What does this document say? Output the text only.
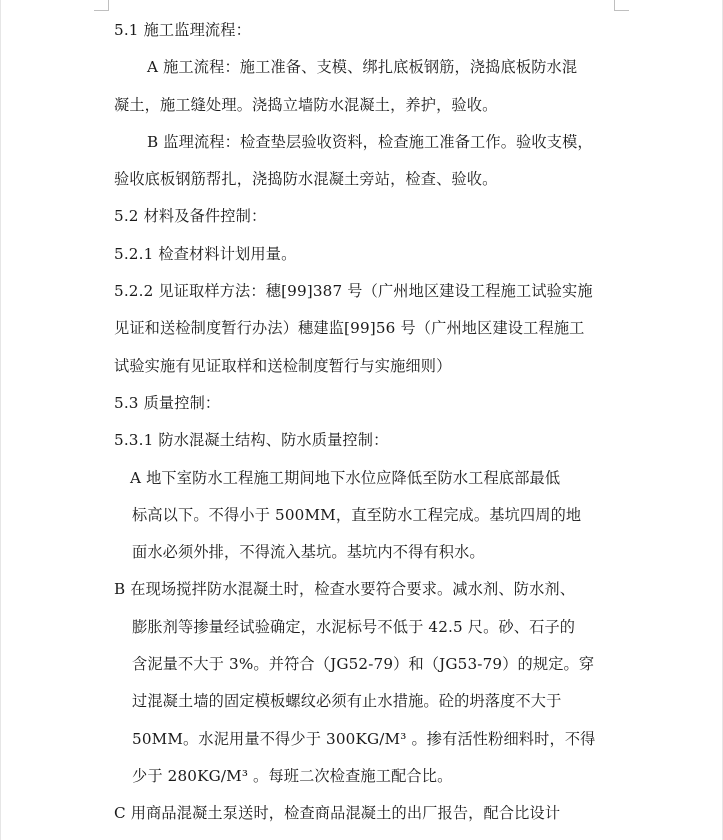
5.1 施工监理流程：
A 施工流程：施工准备、支模、绑扎底板钢筋，浇捣底板防水混
凝土，施工缝处理。浇捣立墙防水混凝土，养护，验收。
B 监理流程：检查垫层验收资料，检查施工准备工作。验收支模，
验收底板钢筋帮扎，浇捣防水混凝土旁站，检查、验收。
5.2 材料及备件控制：
5.2.1 检查材料计划用量。
5.2.2 见证取样方法：穗[99]387 号（广州地区建设工程施工试验实施
见证和送检制度暂行办法）穗建监[99]56 号（广州地区建设工程施工
试验实施有见证取样和送检制度暂行与实施细则）
5.3 质量控制：
5.3.1 防水混凝土结构、防水质量控制：
A 地下室防水工程施工期间地下水位应降低至防水工程底部最低
标高以下。不得小于 500MM，直至防水工程完成。基坑四周的地
面水必须外排，不得流入基坑。基坑内不得有积水。
B 在现场搅拌防水混凝土时，检查水要符合要求。减水剂、防水剂、
膨胀剂等掺量经试验确定，水泥标号不低于 42.5 尺。砂、石子的
含泥量不大于 3%。并符合（JG52-79）和（JG53-79）的规定。穿
过混凝土墙的固定模板螺纹必须有止水措施。砼的坍落度不大于
50MM。水泥用量不得少于 300KG/M³ 。掺有活性粉细料时，不得
少于 280KG/M³ 。每班二次检查施工配合比。
C 用商品混凝土泵送时，检查商品混凝土的出厂报告，配合比设计
